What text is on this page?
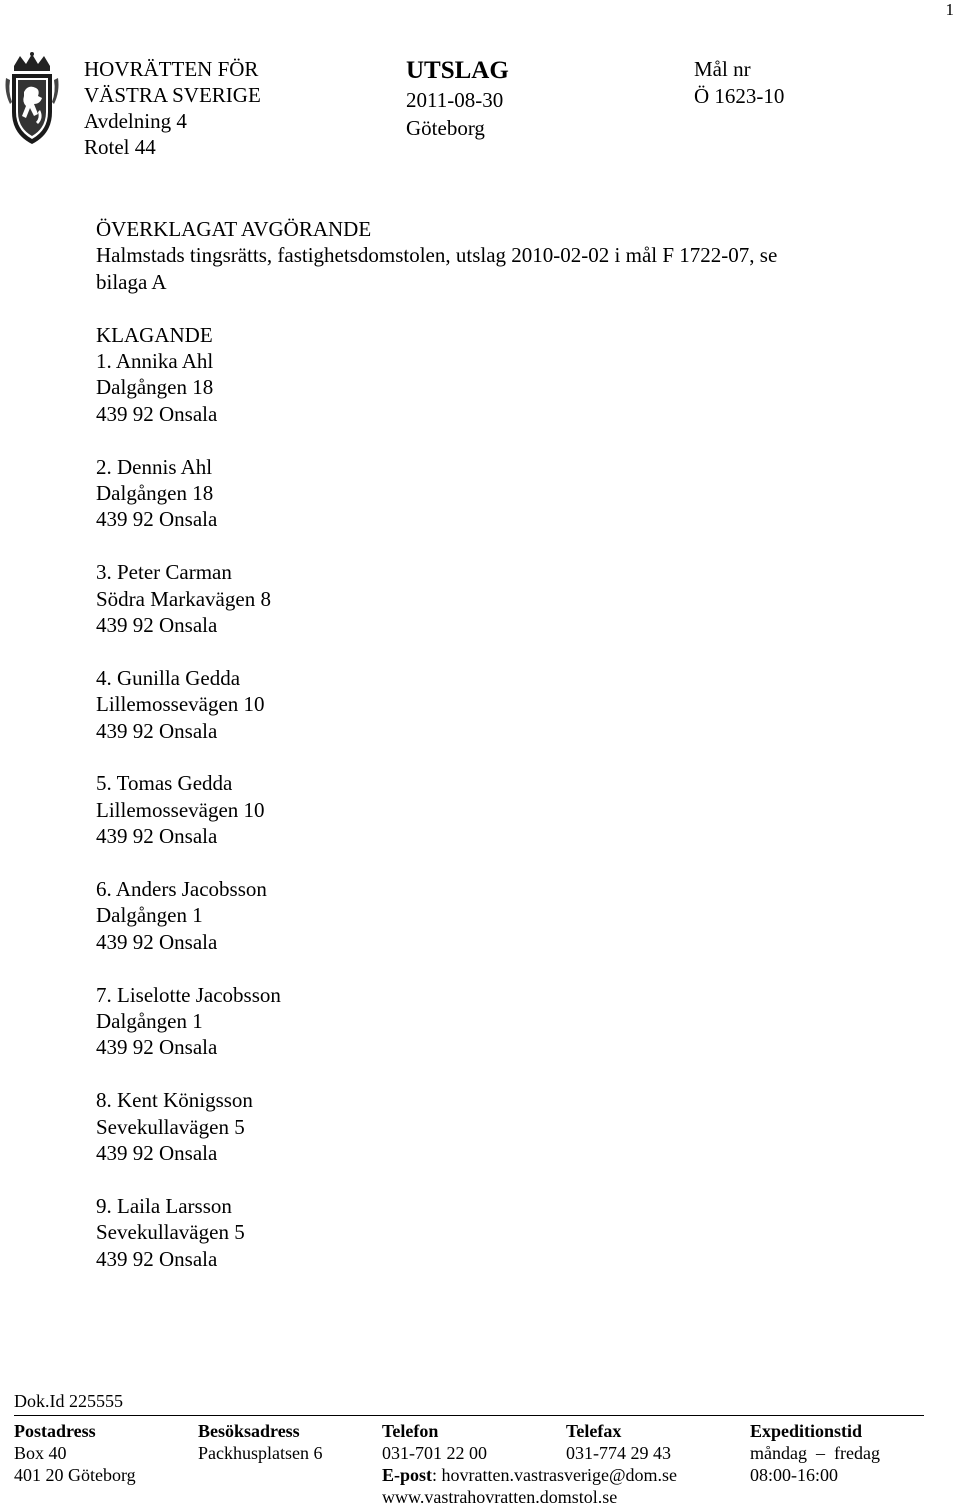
1
HOVRÄTTEN FÖR
VÄSTRA SVERIGE
Avdelning 4
Rotel 44
UTSLAG
2011-08-30
Göteborg
Mål nr
Ö 1623-10
ÖVERKLAGAT AVGÖRANDE
Halmstads tingsrätts, fastighetsdomstolen, utslag 2010-02-02 i mål F 1722-07, se
bilaga A
KLAGANDE
1. Annika Ahl
Dalgången 18
439 92 Onsala
2. Dennis Ahl
Dalgången 18
439 92 Onsala
3. Peter Carman
Södra Markavägen 8
439 92 Onsala
4. Gunilla Gedda
Lillemossevägen 10
439 92 Onsala
5. Tomas Gedda
Lillemossevägen 10
439 92 Onsala
6. Anders Jacobsson
Dalgången 1
439 92 Onsala
7. Liselotte Jacobsson
Dalgången 1
439 92 Onsala
8. Kent Königsson
Sevekullavägen 5
439 92 Onsala
9. Laila Larsson
Sevekullavägen 5
439 92 Onsala
Dok.Id 225555
Postadress
Box 40
401 20 Göteborg
Besöksadress
Packhusplatsen 6
Telefon
031-701 22 00
E-post: hovratten.vastrasverige@dom.se
www.vastrahovratten.domstol.se
Telefax
031-774 29 43
Expeditionstid
måndag – fredag
08:00-16:00
